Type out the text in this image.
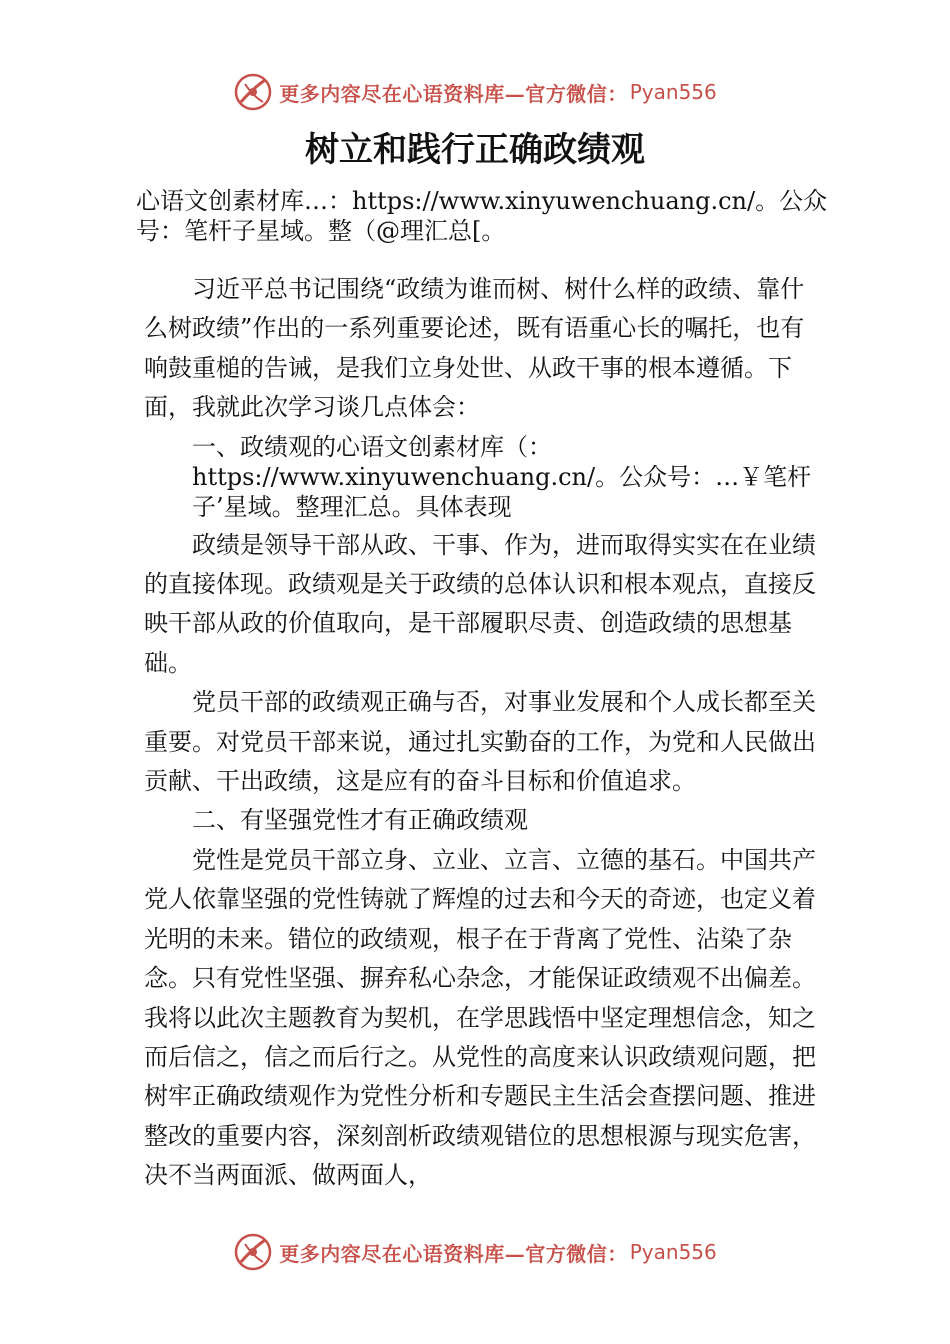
更多内容尽在心语资料库—官方微信： Pyan556
树立和践行正确政绩观
心语文创素材库…：https://www.xinyuwenchuang.cn/。公众号：笔杆子星域。整（@理汇总[。

习近平总书记围绕“政绩为谁而树、树什么样的政绩、靠什么树政绩”作出的一系列重要论述，既有语重心长的嘱托，也有响鼓重槌的告诫，是我们立身处世、从政干事的根本遵循。下面，我就此次学习谈几点体会：

一、政绩观的心语文创素材库（：https://www.xinyuwenchuang.cn/。公众号：…￥笔杆子’星域。整理汇总。具体表现

政绩是领导干部从政、干事、作为，进而取得实实在在业绩的直接体现。政绩观是关于政绩的总体认识和根本观点，直接反映干部从政的价值取向，是干部履职尽责、创造政绩的思想基础。

党员干部的政绩观正确与否，对事业发展和个人成长都至关重要。对党员干部来说，通过扎实勤奋的工作，为党和人民做出贡献、干出政绩，这是应有的奋斗目标和价值追求。

二、有坚强党性才有正确政绩观

党性是党员干部立身、立业、立言、立德的基石。中国共产党人依靠坚强的党性铸就了辉煌的过去和今天的奇迹，也定义着光明的未来。错位的政绩观，根子在于背离了党性、沾染了杂念。只有党性坚强、摒弃私心杂念，才能保证政绩观不出偏差。我将以此次主题教育为契机，在学思践悟中坚定理想信念，知之而后信之，信之而后行之。从党性的高度来认识政绩观问题，把树牢正确政绩观作为党性分析和专题民主生活会查摆问题、推进整改的重要内容，深刻剖析政绩观错位的思想根源与现实危害，决不当两面派、做两面人，

更多内容尽在心语资料库—官方微信： Pyan556
